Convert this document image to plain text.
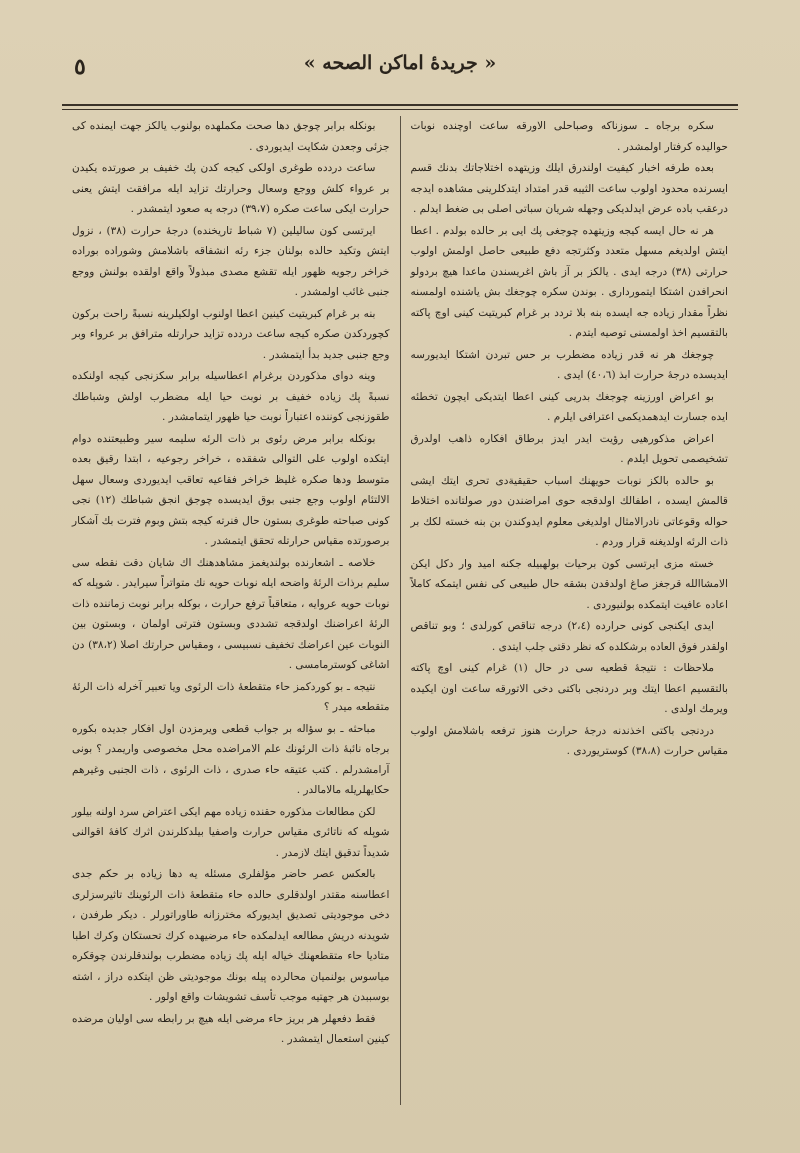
« جريدهٔ اماكن الصحه »
٥

سكره برجاه ـ سوزناكه وصباحلی الاورقه ساعت اوچنده نوبات حواليده كرفتار اولمشدر .

بعده طرفه اخبار كيفيت اولندرق ايلك وزيتهده اختلاجاتك بدنك قسم ايسرنده محدود اولوب ساعت الثیبه قدر امتداد ايتدكلرينی مشاهده ايدجه درعقب باده عرض ايدلديكی وجهله شريان سباتی اصلی بی ضغط ايدلم .

هر نه حال ايسه كيجه وزيتهده چوجغی پك ایی بر حالده بولدم . اعطا ايتش اولديغم مسهل متعدد وكثرتجه دفع طبيعی حاصل اولمش اولوب حرارتی (٣٨) درجه ايدی . يالكز بر آز باش اغريسندن ماعدا هيچ بردولو انحرافدن اشتكا ايتمورداری . بوندن سكره چوجغك بش ياشنده اولمسنه نظراً مقدار زياده جه ايسده بنه بلا تردد بر غرام كبريتيت كينی اوچ پاكته بالتقسيم اخذ اولمسنی توصيه ايتدم .

چوجغك هر نه قدر زياده مضطرب بر حس تبردن اشتكا ايديورسه ايديسده درجهٔ حرارت ابذ (٤٠،٦) ايدی .

بو اعراض اورزينه چوجغك بدريی كينی اعطا ايتديكی ايچون تخطئه ايده جسارت ايدهمديكمی اعترافی ايلرم .

اعراض مذكورهيی رؤيت ايدر ايدز برطاق افكاره ذاهب اولدرق تشخيصمی تحويل ايلدم .

بو حالده بالكز نوبات حويهنك اسباب حقيقيةدی تحری ايتك ايشی قالمش ايسده ، اطفالك اولدقجه حوی امراضندن دور صولتانده اختلاط حواله وقوعاتی نادرالامثال اولديغی معلوم ايدوكندن بن بنه خسته لكك بر ذات الرئه اولديغنه قرار وردم .

خسته مزی ايرتسی كون برحيات بولهبيله جكنه اميد وار دكل ايكن الامشاالله قرجغز صاغ اولدقدن بشقه حال طبيعی كی نفس ايتمكه كاملاً اعاده عافيت ايتمكده بولنيوردی .

ایدی ایكنجی كونی حرارده (٢،٤) درجه تناقص كورلدی ؛ وبو تناقص اولقدر فوق العاده برشكلده كه نظر دقتی جلب ايتدی .

ملاحظات : نتيجهٔ قطعيه سی در حال (١) غرام كينی اوچ پاكته بالتقسيم اعطا ايتك وبر دردنجی باكتی دخی الاتورقه ساعت اون ايكيده ويرمك اولدی .

دردنجی باكتی اخذندنه درجهٔ حرارت هنوز ترفعه باشلامش اولوب مقياس حرارت (٣٨،٨) كوستريوردی .

بونكله برابر چوجق دها صحت مكملهده بولنوب يالكز جهت ايمنده كی جزئی وجعدن شكايت ايديوردی .

ساعت دردده طوغری اولكی كيجه كدن پك خفيف بر صورتده يكيدن بر عرواء كلش ووجع وسعال وحرارتك تزايد ايله مرافقت ايتش يعنی حرارت ايكی ساعت صكره (٣٩،٧) درجه يه صعود ايتمشدر .

ايرتسی كون ساليلين (٧ شباط تاريخنده) درجهٔ حرارت (٣٨) ، نزول ايتش وتكيد حالده بولنان جزء رئه انشفاقه باشلامش وشوراده بوراده خراخر رجويه ظهور ايله تقشع مصدی مبذولاً واقع اولقده بولنش ووجع جنبی غائب اولمشدر .

بنه بر غرام كبريتيت كينين اعطا اولنوب اولكيلرينه نسبةً راحت بركون كچوردكدن صكره كيجه ساعت دردده تزايد حرارتله مترافق بر عرواء وبر وجع جنبی جديد بدأ ايتمشدر .

وينه دوای مذكوردن برغرام اعطاسيله برابر سكزنجی كيجه اولنكده نسبةً پك زياده خفيف بر نوبت حيا ايله مضطرب اولش وشباطك طقوزنجی كوننده اعتباراً نوبت حيا ظهور ايتمامشدر .

بونكله برابر مرض رئوی بر ذات الرئه سليمه سير وطبيعتنده دوام ايتكده اولوب على التوالی شفقده ، خراخر رجوعيه ، ابتدا رقيق بعده متوسط ودها صكره غليظ خراخر فقاعيه تعاقب ايديوردی وسعال سهل الالتئام اولوب وجع جنبی بوق ايديسده چوجق انجق شباطك (١٢) نجی كونی صباحته طوغری بستون حال فنرته كيجه بتش وبوم فترت بك آشكار برصورتده مقياس حرارتله تحقق ايتمشدر .

خلاصه ـ اشعارنده بولنديغمز مشاهدهنك اك شايان دقت نقطه سی سليم برذات الرئهٔ واضحه ايله نوبات حويه نك متواتراً سيرايدر . شوپله كه نوبات حويه عروايه ، متعاقباً ترفع حرارت ، بوكله برابر نوبت زماننده ذات الرئهٔ اعراضنك اولدقجه تشددی وبستون فترتی اولمان ، وبستون بين النوبات عين اعراضك تخفيف نسبيسی ، ومقياس حرارتك اصلا (٣٨،٢) دن اشاغی كوسترمامسی .

نتيجه ـ بو كوردكمز حاء متقطعهٔ ذات الرئوی ويا تعبير آخرله ذات الرئهٔ متقطعه ميدر ؟

مباحثه ـ بو سؤاله بر جواب قطعی ويرمزدن اول افكار جديده بكوره برجاه نائبهٔ ذات الرئونك علم الامراضده محل مخصوصی واريمدر ؟ بونی آرامشدرلم . كتب عتيقه حاء صدری ، ذات الرئوی ، ذات الجنبی وغيرهم حكايهلريله مالامالدر .

لكن مطالعات مذكوره حقنده زياده مهم ايكی اعتراض سرد اولنه بيلور شوپله كه ناتائری مقياس حرارت واصفيا بيلدكلرندن اثرك كافهٔ اقوالنی شديداً تدقيق ايتك لازمدر .

بالعكس عصر حاضر مؤلفلری مسئله يه دها زياده بر حكم جدی اعطاسنه مقتدر اولدقلری حالده حاء متقطعهٔ ذات الرئوينك تاثيرسزلری دخی موجوديتی تصديق ايديوركه مخترزانه طاوراتورلر . ديكر طرفدن ، شويدنه دريش مطالعه ايدلمكده حاء مرضيهده كرك تحستكان وكرك اطبا متاديا حاء متقطعهنك خياله ايله پك زياده مضطرب بولندقلرندن چوقكره مياسوس بولنميان محالرده پيله بونك موجوديتی ظن ايتكده دراز ، اشته بوسببدن هر جهتيه موجب تأسف تشويشات واقع اولور .

فقط دفعهلر هر بريز حاء مرضی ايله هيچ بر رابطه سی اوليان مرضده كينين استعمال ايتمشدر .
